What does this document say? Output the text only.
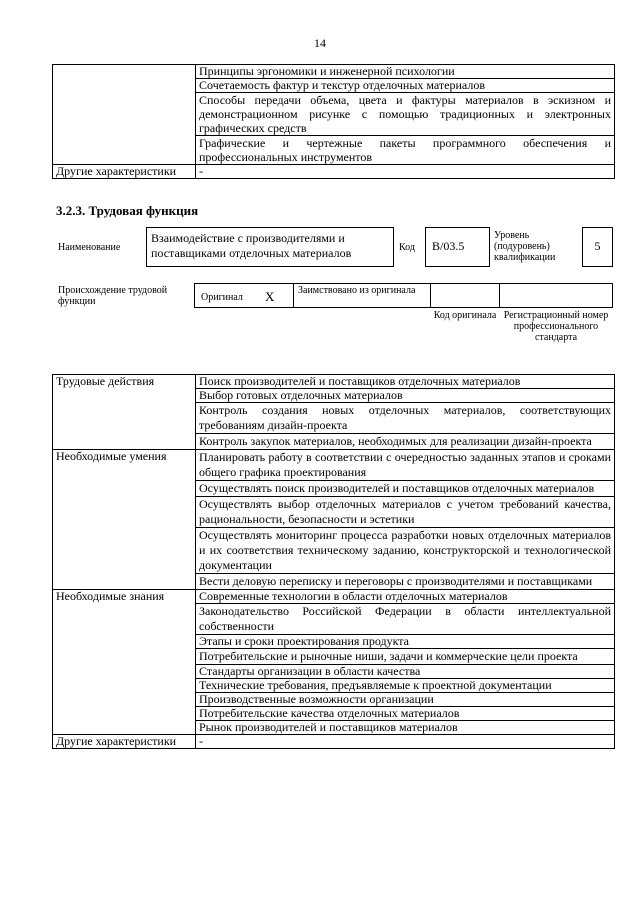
14
	Принципы эргономики и инженерной психологии
	Сочетаемость фактур и текстур отделочных материалов
	Способы передачи объема, цвета и фактуры материалов в эскизном и демонстрационном рисунке с помощью традиционных и электронных графических средств
	Графические и чертежные пакеты программного обеспечения и профессиональных инструментов
Другие характеристики	-
3.2.3. Трудовая функция
Наименование
Взаимодействие с производителями и поставщиками отделочных материалов	Код	B/03.5
Уровень (подуровень) квалификации
5
Происхождение трудовой функции	Оригинал X Заимствовано из оригинала
Код оригинала Регистрационный номер профессионального стандарта
Трудовые действия	Поиск производителей и поставщиков отделочных материалов
	Выбор готовых отделочных материалов
	Контроль создания новых отделочных материалов, соответствующих требованиям дизайн-проекта
	Контроль закупок материалов, необходимых для реализации дизайн-проекта
Необходимые умения	Планировать работу в соответствии с очередностью заданных этапов и сроками общего графика проектирования
	Осуществлять поиск производителей и поставщиков отделочных материалов
	Осуществлять выбор отделочных материалов с учетом требований качества, рациональности, безопасности и эстетики
	Осуществлять мониторинг процесса разработки новых отделочных материалов и их соответствия техническому заданию, конструкторской и технологической документации
	Вести деловую переписку и переговоры с производителями и поставщиками
Необходимые знания	Современные технологии в области отделочных материалов
	Законодательство Российской Федерации в области интеллектуальной собственности
	Этапы и сроки проектирования продукта
	Потребительские и рыночные ниши, задачи и коммерческие цели проекта
	Стандарты организации в области качества
	Технические требования, предъявляемые к проектной документации
	Производственные возможности организации
	Потребительские качества отделочных материалов
	Рынок производителей и поставщиков материалов
Другие характеристики	-
